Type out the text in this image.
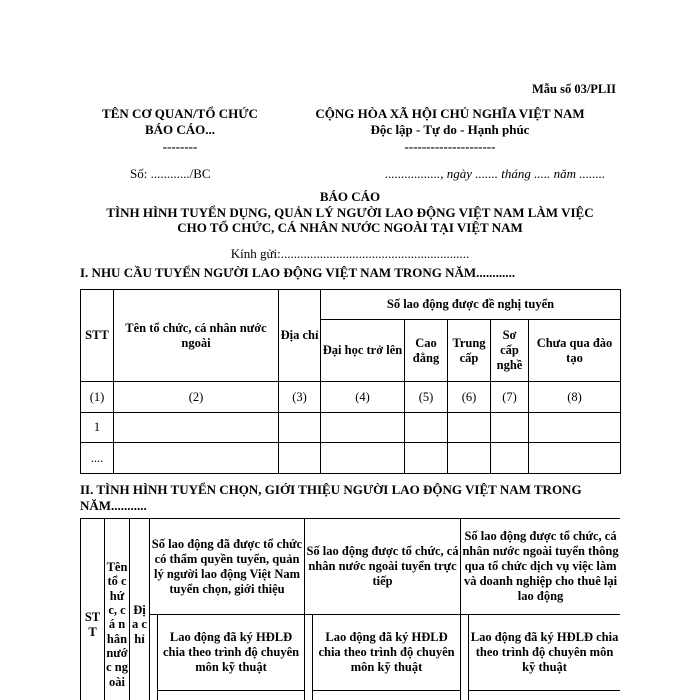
Mẫu số 03/PLII
TÊN CƠ QUAN/TỔ CHỨC
BÁO CÁO...
--------
CỘNG HÒA XÃ HỘI CHỦ NGHĨA VIỆT NAM
Độc lập - Tự do - Hạnh phúc
---------------------
Số: ............/BC	................., ngày ....... tháng ..... năm ........
BÁO CÁO
TÌNH HÌNH TUYỂN DỤNG, QUẢN LÝ NGƯỜI LAO ĐỘNG VIỆT NAM LÀM VIỆC
CHO TỔ CHỨC, CÁ NHÂN NƯỚC NGOÀI TẠI VIỆT NAM
Kính gửi:..........................................................
I. NHU CẦU TUYỂN NGƯỜI LAO ĐỘNG VIỆT NAM TRONG NĂM............
STT	Tên tổ chức, cá nhân nước ngoài	Địa chỉ	Số lao động được đề nghị tuyển				
			Đại học trở lên	Cao đẳng	Trung cấp	Sơ cấp nghề	Chưa qua đào tạo
(1)	(2)	(3)	(4)	(5)	(6)	(7)	(8)
1							
....							
II. TÌNH HÌNH TUYỂN CHỌN, GIỚI THIỆU NGƯỜI LAO ĐỘNG VIỆT NAM TRONG NĂM...........
STT	Tên tổ chức, cá nhân nước ngoài	Địa chỉ	Số lao động đã được tổ chức có thẩm quyền tuyển, quản lý người lao động Việt Nam tuyển chọn, giới thiệu		Số lao động được tổ chức, cá nhân nước ngoài tuyển trực tiếp		Số lao động được tổ chức, cá nhân nước ngoài tuyển thông qua tổ chức dịch vụ việc làm và doanh nghiệp cho thuê lại lao động	
				Lao động đã ký HĐLĐ chia theo trình độ chuyên môn kỹ thuật		Lao động đã ký HĐLĐ chia theo trình độ chuyên môn kỹ thuật		Lao động đã ký HĐLĐ chia theo trình độ chuyên môn kỹ thuật
